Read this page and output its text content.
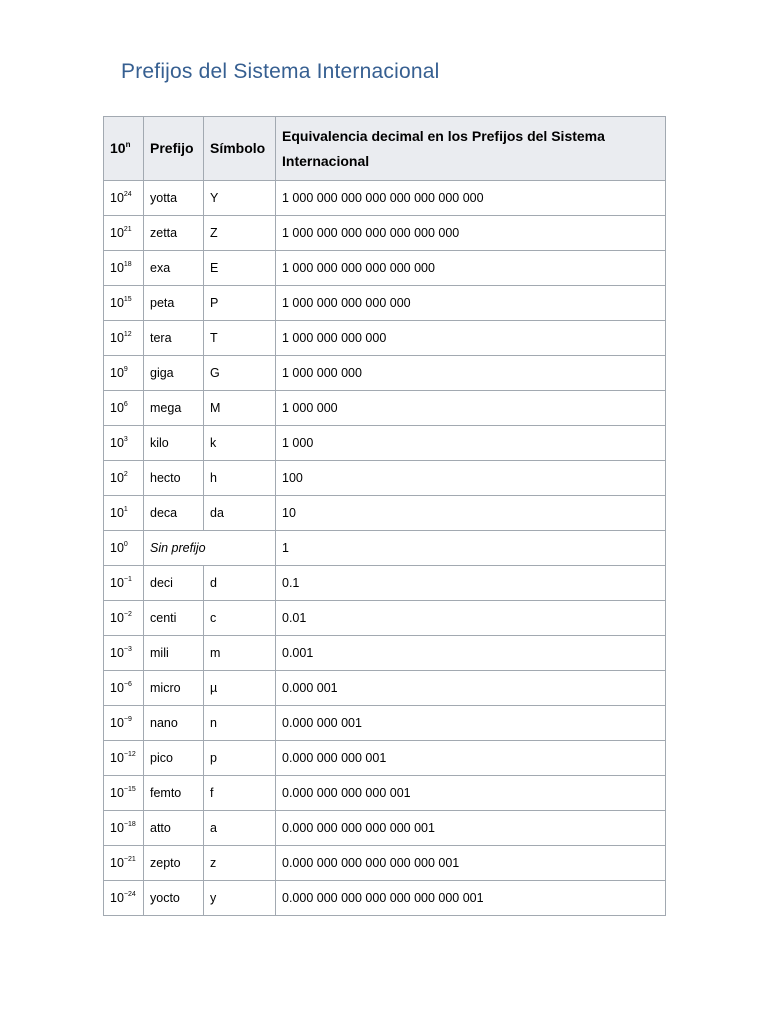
Prefijos del Sistema Internacional
10$^n$	Prefijo	Símbolo	Equivalencia decimal en los Prefijos del Sistema Internacional
$10^{24}$	yotta	Y	1 000 000 000 000 000 000 000 000
$10^{21}$	zetta	Z	1 000 000 000 000 000 000 000
$10^{18}$	exa	E	1 000 000 000 000 000 000
$10^{15}$	peta	P	1 000 000 000 000 000
$10^{12}$	tera	T	1 000 000 000 000
$10^9$	giga	G	1 000 000 000
$10^6$	mega	M	1 000 000
$10^3$	kilo	k	1 000
$10^2$	hecto	h	100
$10^1$	deca	da	10
$10^0$	Sin prefijo		1
$10^{-1}$	deci	d	0.1
$10^{-2}$	centi	c	0.01
$10^{-3}$	mili	m	0.001
$10^{-6}$	micro	µ	0.000 001
$10^{-9}$	nano	n	0.000 000 001
$10^{-12}$	pico	p	0.000 000 000 001
$10^{-15}$	femto	f	0.000 000 000 000 001
$10^{-18}$	atto	a	0.000 000 000 000 000 001
$10^{-21}$	zepto	z	0.000 000 000 000 000 000 001
$10^{-24}$	yocto	y	0.000 000 000 000 000 000 000 001
